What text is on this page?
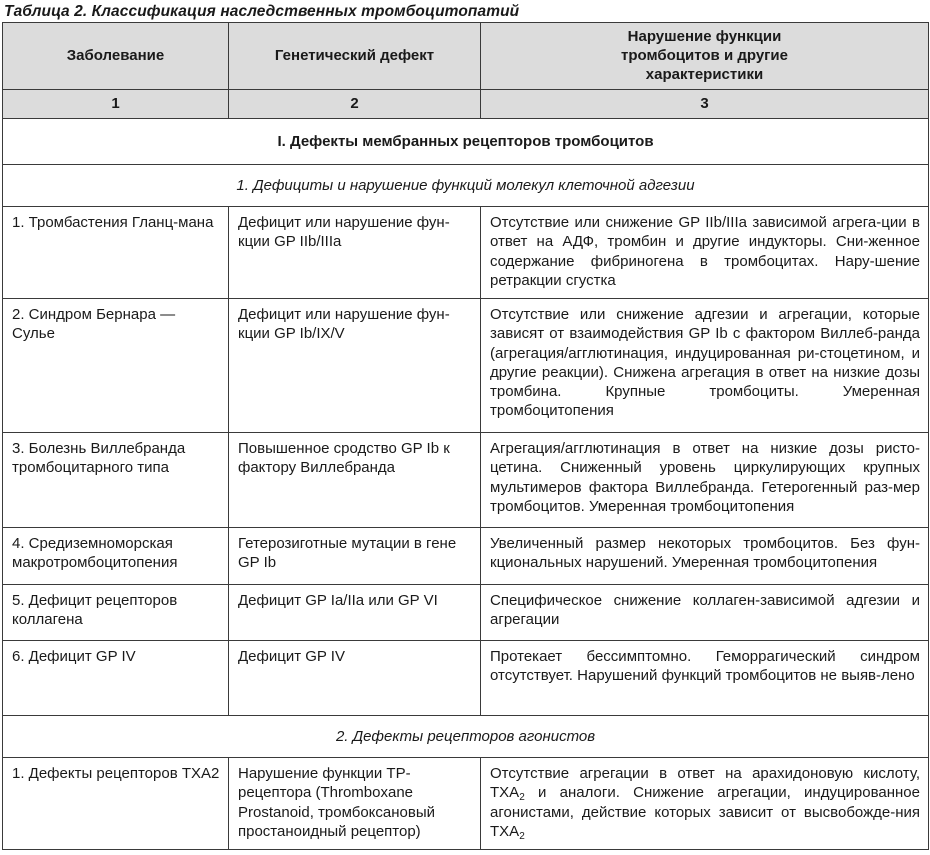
Таблица 2. Классификация наследственных тромбоцитопатий
Заболевание	Генетический дефект	Нарушение функции
тромбоцитов и другие
характеристики
1	2	3
I. Дефекты мембранных рецепторов тромбоцитов		
1. Дефициты и нарушение функций молекул клеточной адгезии		
1. Тромбастения Гланц-мана	Дефицит или нарушение фун-кции GP IIb/IIIa	Отсутствие или снижение GP IIb/IIIa зависимой агрега-ции в ответ на АДФ, тромбин и другие индукторы. Сни-женное содержание фибриногена в тромбоцитах. Нару-шение ретракции сгустка
2. Синдром Бернара — Сулье	Дефицит или нарушение фун-кции GP Ib/IX/V	Отсутствие или снижение адгезии и агрегации, которые зависят от взаимодействия GP Ib с фактором Виллеб-ранда (агрегация/агглютинация, индуцированная ри-стоцетином, и другие реакции). Снижена агрегация в ответ на низкие дозы тромбина. Крупные тромбоциты. Умеренная тромбоцитопения
3. Болезнь Виллебранда тромбоцитарного типа	Повышенное сродство GP Ib к фактору Виллебранда	Агрегация/агглютинация в ответ на низкие дозы ристо-цетина. Сниженный уровень циркулирующих крупных мультимеров фактора Виллебранда. Гетерогенный раз-мер тромбоцитов. Умеренная тромбоцитопения
4. Средиземноморская макротромбоцитопения	Гетерозиготные мутации в гене GP Ib	Увеличенный размер некоторых тромбоцитов. Без фун-кциональных нарушений. Умеренная тромбоцитопения
5. Дефицит рецепторов коллагена	Дефицит GP Ia/IIa или GP VI	Специфическое снижение коллаген-зависимой адгезии и агрегации
6. Дефицит GP IV	Дефицит GP IV	Протекает бессимптомно. Геморрагический синдром отсутствует. Нарушений функций тромбоцитов не выяв-лено
2. Дефекты рецепторов агонистов		
1. Дефекты рецепторов TXA2	Нарушение функции TP-рецептора (Thromboxane Prostanoid, тромбоксановый простаноидный рецептор)	Отсутствие агрегации в ответ на арахидоновую кислоту, $TXA_2$ и аналоги. Снижение агрегации, индуцированное агонистами, действие которых зависит от высвобожде-ния $TXA_2$
